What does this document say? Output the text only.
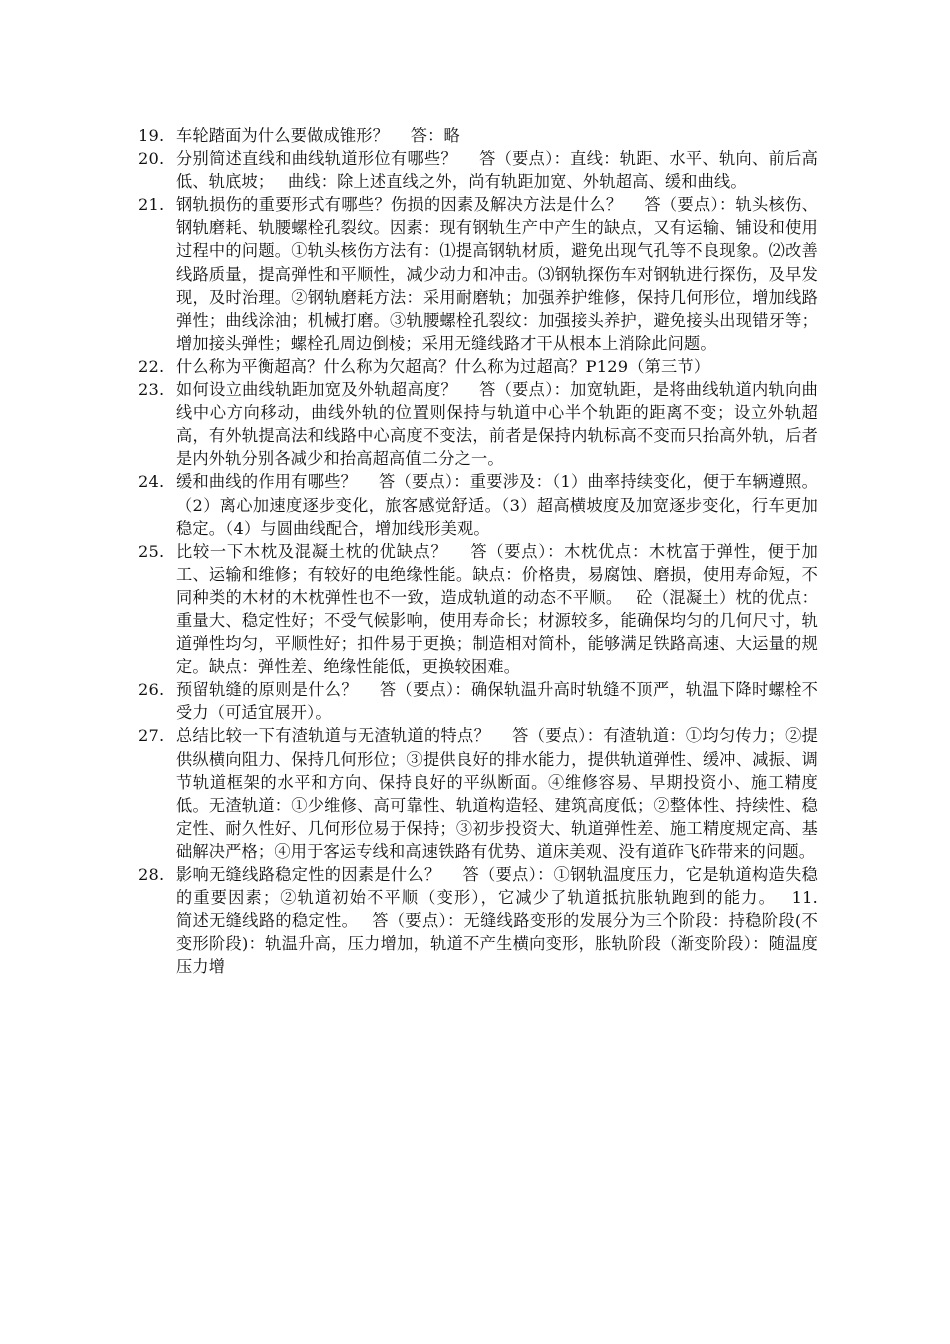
19. 车轮踏面为什么要做成锥形？　 答：略
20. 分别简述直线和曲线轨道形位有哪些？　 答（要点）：直线：轨距、水平、轨向、前后高低、轨底坡；　 曲线：除上述直线之外，尚有轨距加宽、外轨超高、缓和曲线。
21. 钢轨损伤的重要形式有哪些？伤损的因素及解决方法是什么？　 答（要点）：轨头核伤、钢轨磨耗、轨腰螺栓孔裂纹。因素：现有钢轨生产中产生的缺点，又有运输、铺设和使用过程中的问题。①轨头核伤方法有：⑴提高钢轨材质，避免出现气孔等不良现象。⑵改善线路质量，提高弹性和平顺性，减少动力和冲击。⑶钢轨探伤车对钢轨进行探伤，及早发现，及时治理。②钢轨磨耗方法：采用耐磨轨；加强养护维修，保持几何形位，增加线路弹性；曲线涂油；机械打磨。③轨腰螺栓孔裂纹：加强接头养护，避免接头出现错牙等；增加接头弹性；螺栓孔周边倒棱；采用无缝线路才干从根本上消除此问题。
22. 什么称为平衡超高？什么称为欠超高？什么称为过超高？P129（第三节）
23. 如何设立曲线轨距加宽及外轨超高度？　 答（要点）：加宽轨距，是将曲线轨道内轨向曲线中心方向移动，曲线外轨的位置则保持与轨道中心半个轨距的距离不变；设立外轨超高，有外轨提高法和线路中心高度不变法，前者是保持内轨标高不变而只抬高外轨，后者是内外轨分别各减少和抬高超高值二分之一。
24. 缓和曲线的作用有哪些？　 答（要点）：重要涉及：（1）曲率持续变化，便于车辆遵照。（2）离心加速度逐步变化，旅客感觉舒适。（3）超高横坡度及加宽逐步变化，行车更加稳定。（4）与圆曲线配合，增加线形美观。
25. 比较一下木枕及混凝土枕的优缺点？　 答（要点）：木枕优点：木枕富于弹性，便于加工、运输和维修；有较好的电绝缘性能。缺点：价格贵，易腐蚀、磨损，使用寿命短，不同种类的木材的木枕弹性也不一致，造成轨道的动态不平顺。　 砼（混凝土）枕的优点：重量大、稳定性好；不受气候影响，使用寿命长；材源较多，能确保均匀的几何尺寸，轨道弹性均匀，平顺性好；扣件易于更换；制造相对简朴，能够满足铁路高速、大运量的规定。缺点：弹性差、绝缘性能低，更换较困难。
26. 预留轨缝的原则是什么？　 答（要点）：确保轨温升高时轨缝不顶严，轨温下降时螺栓不受力（可适宜展开）。
27. 总结比较一下有渣轨道与无渣轨道的特点？　 答（要点）：有渣轨道：①均匀传力；②提供纵横向阻力、保持几何形位；③提供良好的排水能力，提供轨道弹性、缓冲、减振、调节轨道框架的水平和方向、保持良好的平纵断面。④维修容易、早期投资小、施工精度低。无渣轨道：①少维修、高可靠性、轨道构造轻、建筑高度低；②整体性、持续性、稳定性、耐久性好、几何形位易于保持；③初步投资大、轨道弹性差、施工精度规定高、基础解决严格；④用于客运专线和高速铁路有优势、道床美观、没有道砟飞砟带来的问题。
28. 影响无缝线路稳定性的因素是什么？　 答（要点）：①钢轨温度压力，它是轨道构造失稳的重要因素；②轨道初始不平顺（变形），它减少了轨道抵抗胀轨跑到的能力。　 11.　 简述无缝线路的稳定性。　 答（要点）：无缝线路变形的发展分为三个阶段：持稳阶段(不变形阶段)：轨温升高，压力增加，轨道不产生横向变形，胀轨阶段（渐变阶段）：随温度压力增
